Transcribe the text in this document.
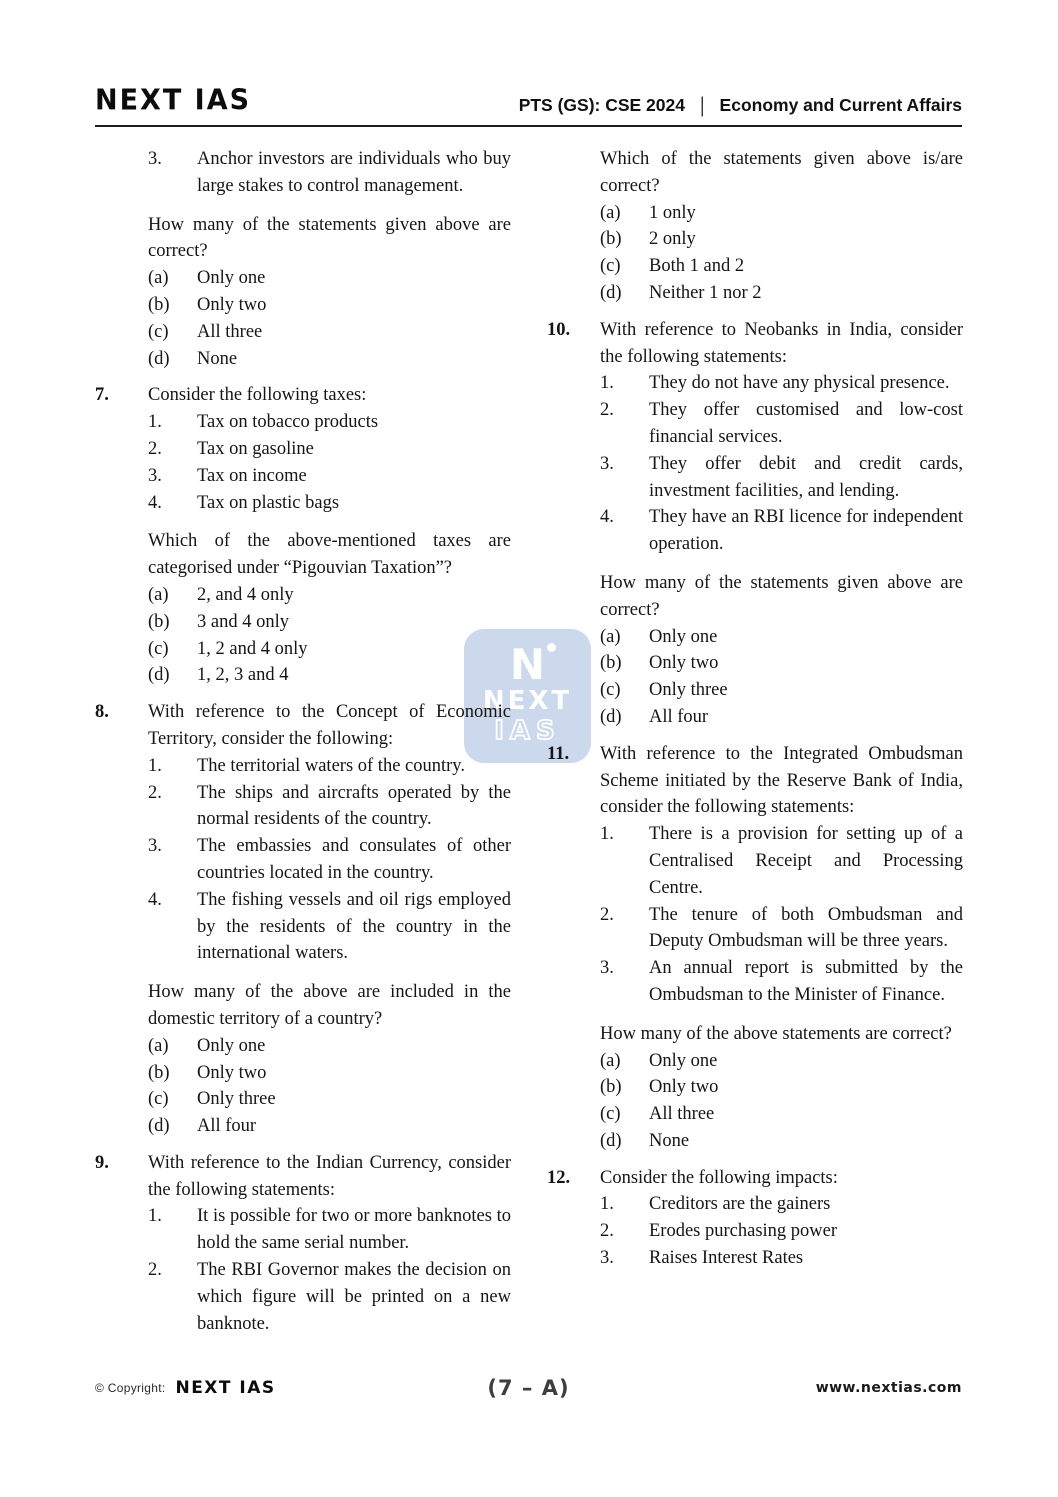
NEXT IAS	PTS (GS): CSE 2024 | Economy and Current Affairs
N
NEXT
IAS
3.	Anchor investors are individuals who buy large stakes to control management.
How many of the statements given above are correct?
(a)	Only one
(b)	Only two
(c)	All three
(d)	None
7.	Consider the following taxes:
1.	Tax on tobacco products
2.	Tax on gasoline
3.	Tax on income
4.	Tax on plastic bags
Which of the above-mentioned taxes are categorised under “Pigouvian Taxation”?
(a)	2, and 4 only
(b)	3 and 4 only
(c)	1, 2 and 4 only
(d)	1, 2, 3 and 4
8.	With reference to the Concept of Economic Territory, consider the following:
1.	The territorial waters of the country.
2.	The ships and aircrafts operated by the normal residents of the country.
3.	The embassies and consulates of other countries located in the country.
4.	The fishing vessels and oil rigs employed by the residents of the country in the international waters.
How many of the above are included in the domestic territory of a country?
(a)	Only one
(b)	Only two
(c)	Only three
(d)	All four
9.	With reference to the Indian Currency, consider the following statements:
1.	It is possible for two or more banknotes to hold the same serial number.
2.	The RBI Governor makes the decision on which figure will be printed on a new banknote.
Which of the statements given above is/are correct?
(a)	1 only
(b)	2 only
(c)	Both 1 and 2
(d)	Neither 1 nor 2
10.	With reference to Neobanks in India, consider the following statements:
1.	They do not have any physical presence.
2.	They offer customised and low-cost financial services.
3.	They offer debit and credit cards, investment facilities, and lending.
4.	They have an RBI licence for independent operation.
How many of the statements given above are correct?
(a)	Only one
(b)	Only two
(c)	Only three
(d)	All four
11.	With reference to the Integrated Ombudsman Scheme initiated by the Reserve Bank of India, consider the following statements:
1.	There is a provision for setting up of a Centralised Receipt and Processing Centre.
2.	The tenure of both Ombudsman and Deputy Ombudsman will be three years.
3.	An annual report is submitted by the Ombudsman to the Minister of Finance.
How many of the above statements are correct?
(a)	Only one
(b)	Only two
(c)	All three
(d)	None
12.	Consider the following impacts:
1.	Creditors are the gainers
2.	Erodes purchasing power
3.	Raises Interest Rates
© Copyright: NEXT IAS	(7 – A)	www.nextias.com
